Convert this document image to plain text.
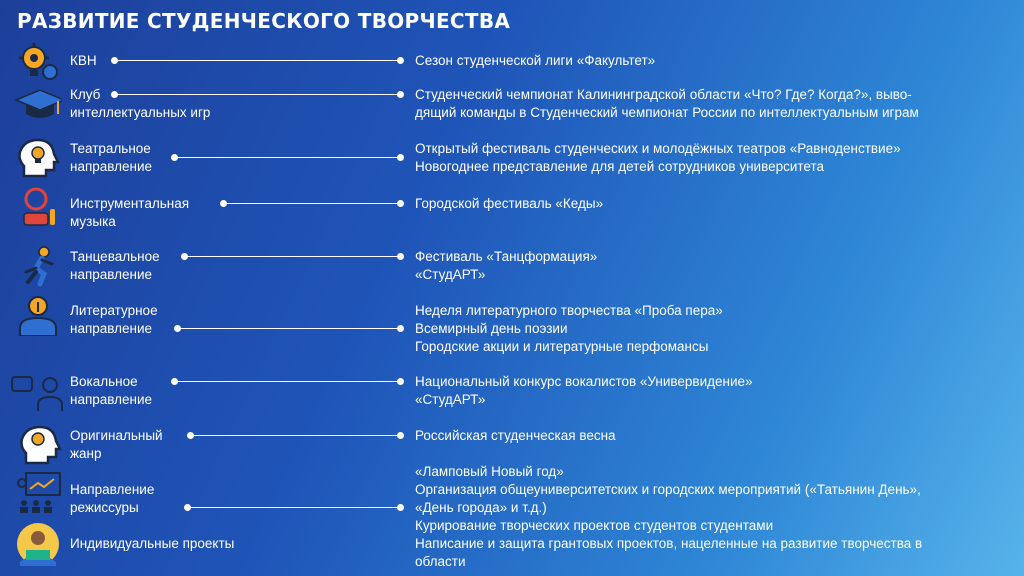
РАЗВИТИЕ СТУДЕНЧЕСКОГО ТВОРЧЕСТВА
КВН	Сезон студенческой лиги «Факультет»
Клуб
интеллектуальных игр
Студенческий чемпионат Калининградской области «Что? Где? Когда?», выво-
дящий команды в Студенческий чемпионат России по интеллектуальным играм
Театральное
направление
Открытый фестиваль студенческих и молодёжных театров «Равноденствие»
Новогоднее представление для детей сотрудников университета
Инструментальная
музыка
Городской фестиваль «Кеды»
Танцевальное
направление
Фестиваль «Танцформация»
«СтудАРТ»
Литературное
направление
Неделя литературного творчества «Проба пера»
Всемирный день поэзии
Городские акции и литературные перфомансы
Вокальное
направление
Национальный конкурс вокалистов «Универвидение»
«СтудАРТ»
Оригинальный
жанр
Российская студенческая весна
Направление
режиссуры
«Ламповый Новый год»
Организация общеуниверситетских и городских мероприятий («Татьянин День»,
«День города» и т.д.)
Индивидуальные проекты
Курирование творческих проектов студентов студентами
Написание и защита грантовых проектов, нацеленные на развитие творчества в
области
